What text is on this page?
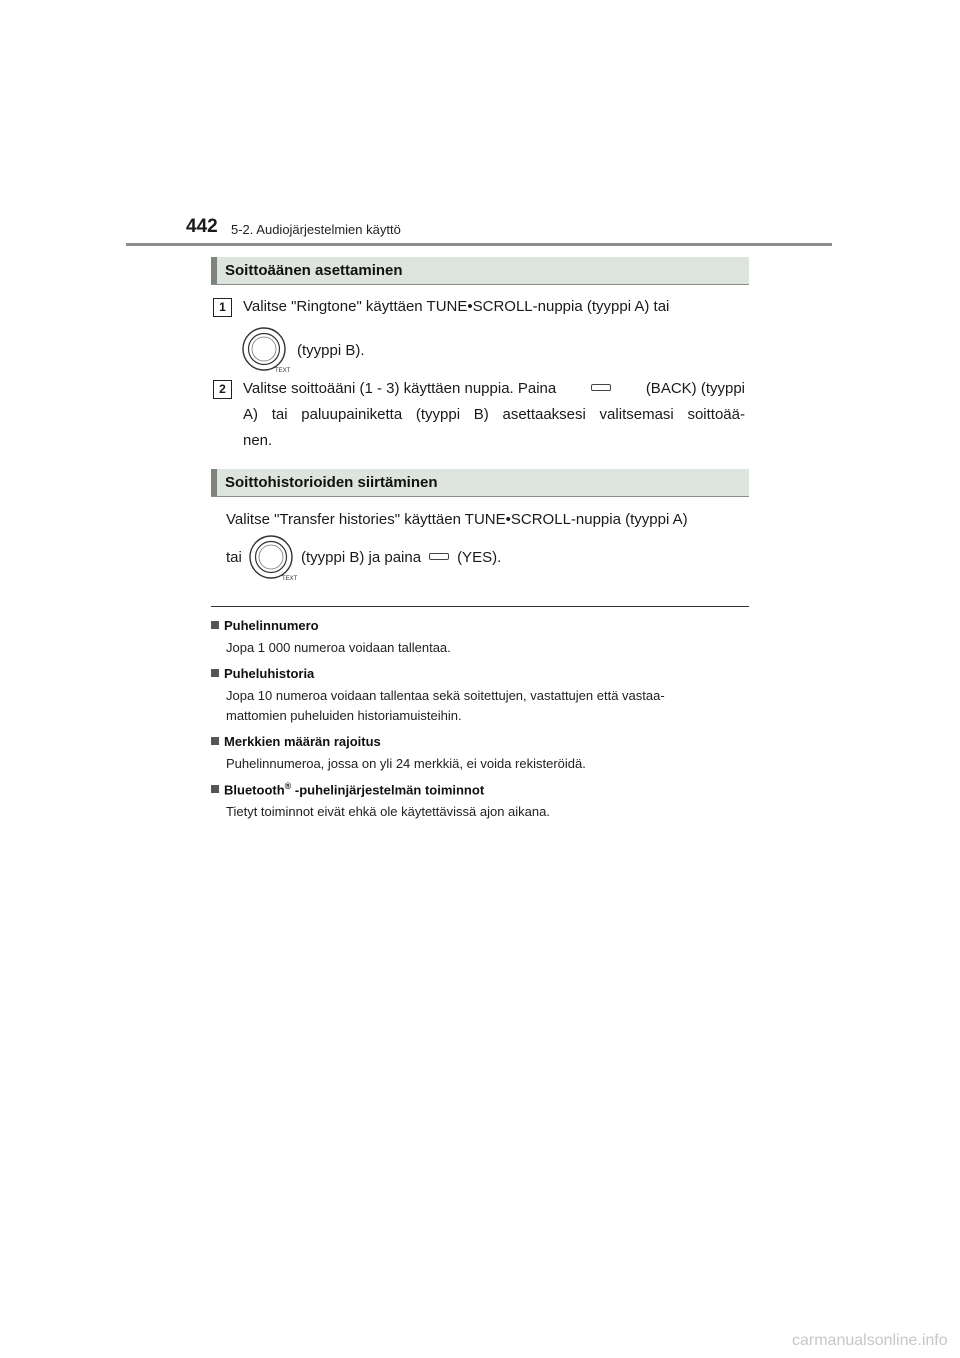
442 5-2. Audiojärjestelmien käyttö
Soittoäänen asettaminen
1	Valitse "Ringtone" käyttäen TUNE•SCROLL-nuppia (tyyppi A) tai
TEXT
(tyyppi B).
2	Valitse soittoääni (1 - 3) käyttäen nuppia. Paina	(BACK) (tyyppi
A) tai paluupainiketta (tyyppi B) asettaaksesi valitsemasi soittoää-
nen.
Soittohistorioiden siirtäminen
Valitse "Transfer histories" käyttäen TUNE•SCROLL-nuppia (tyyppi A)
tai
TEXT
(tyyppi B) ja paina (YES).
Puhelinnumero
Jopa 1 000 numeroa voidaan tallentaa.
Puheluhistoria
Jopa 10 numeroa voidaan tallentaa sekä soitettujen, vastattujen että vastaa-
mattomien puheluiden historiamuisteihin.
Merkkien määrän rajoitus
Puhelinnumeroa, jossa on yli 24 merkkiä, ei voida rekisteröidä.
Bluetooth® -puhelinjärjestelmän toiminnot
Tietyt toiminnot eivät ehkä ole käytettävissä ajon aikana.
carmanualsonline.info
